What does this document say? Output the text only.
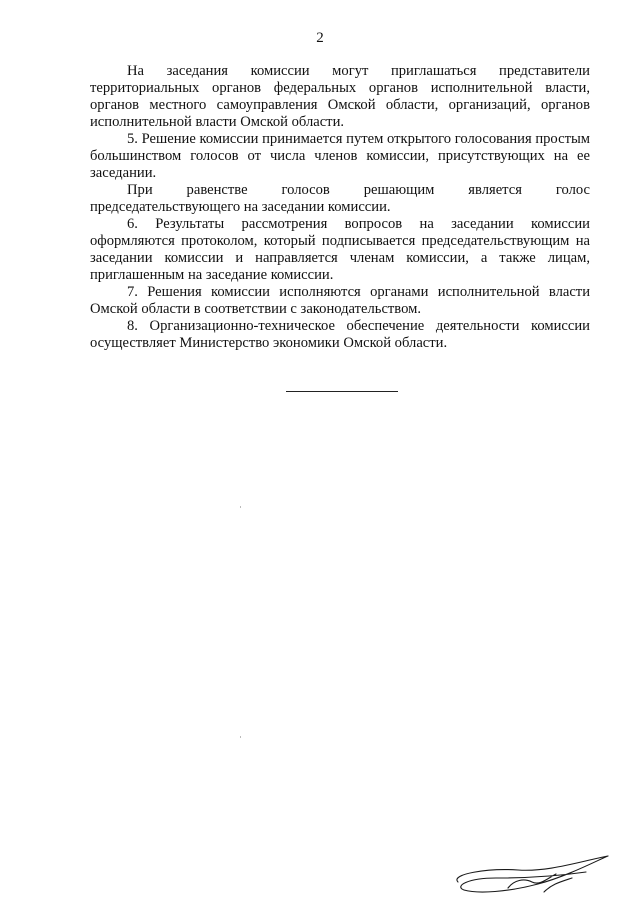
2

На заседания комиссии могут приглашаться представители территориальных органов федеральных органов исполнительной власти, органов местного самоуправления Омской области, организаций, органов исполнительной власти Омской области.

5. Решение комиссии принимается путем открытого голосования простым большинством голосов от числа членов комиссии, присутствующих на ее заседании.

При равенстве голосов решающим является голос председательствующего на заседании комиссии.

6. Результаты рассмотрения вопросов на заседании комиссии оформляются протоколом, который подписывается председательствующим на заседании комиссии и направляется членам комиссии, а также лицам, приглашенным на заседание комиссии.

7. Решения комиссии исполняются органами исполнительной власти Омской области в соответствии с законодательством.

8. Организационно-техническое обеспечение деятельности комиссии осуществляет Министерство экономики Омской области.
